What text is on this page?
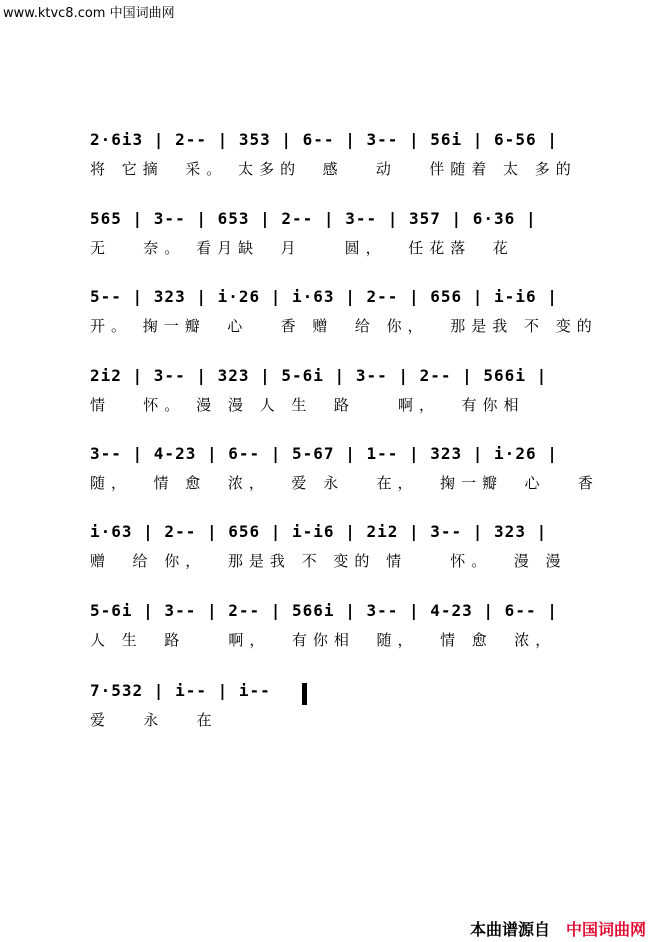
www.ktvc8.com 中国词曲网
2·6i3 | 2-- | 353 | 6-- | 3-- | 56i | 6-56 |
将 它摘  采。 太多的  感   动   伴随着 太 多的
565 | 3-- | 653 | 2-- | 3-- | 357 | 6·36 |
无   奈。 看月缺  月    圆，  任花落  花
5-- | 323 | i·26 | i·63 | 2-- | 656 | i-i6 |
开。 掬一瓣  心   香 赠  给 你，  那是我 不 变的
2i2 | 3-- | 323 | 5-6i | 3-- | 2-- | 566i |
情   怀。 漫 漫 人 生  路    啊，  有你相
3-- | 4-23 | 6-- | 5-67 | 1-- | 323 | i·26 |
随，  情 愈  浓，  爱 永   在，  掬一瓣  心   香
i·63 | 2-- | 656 | i-i6 | 2i2 | 3-- | 323 |
赠  给 你，  那是我 不 变的 情    怀。  漫 漫
5-6i | 3-- | 2-- | 566i | 3-- | 4-23 | 6-- |
人 生  路    啊，  有你相  随，  情 愈  浓，
7·532 | i-- | i--
爱   永   在
本曲谱源自 中国词曲网
